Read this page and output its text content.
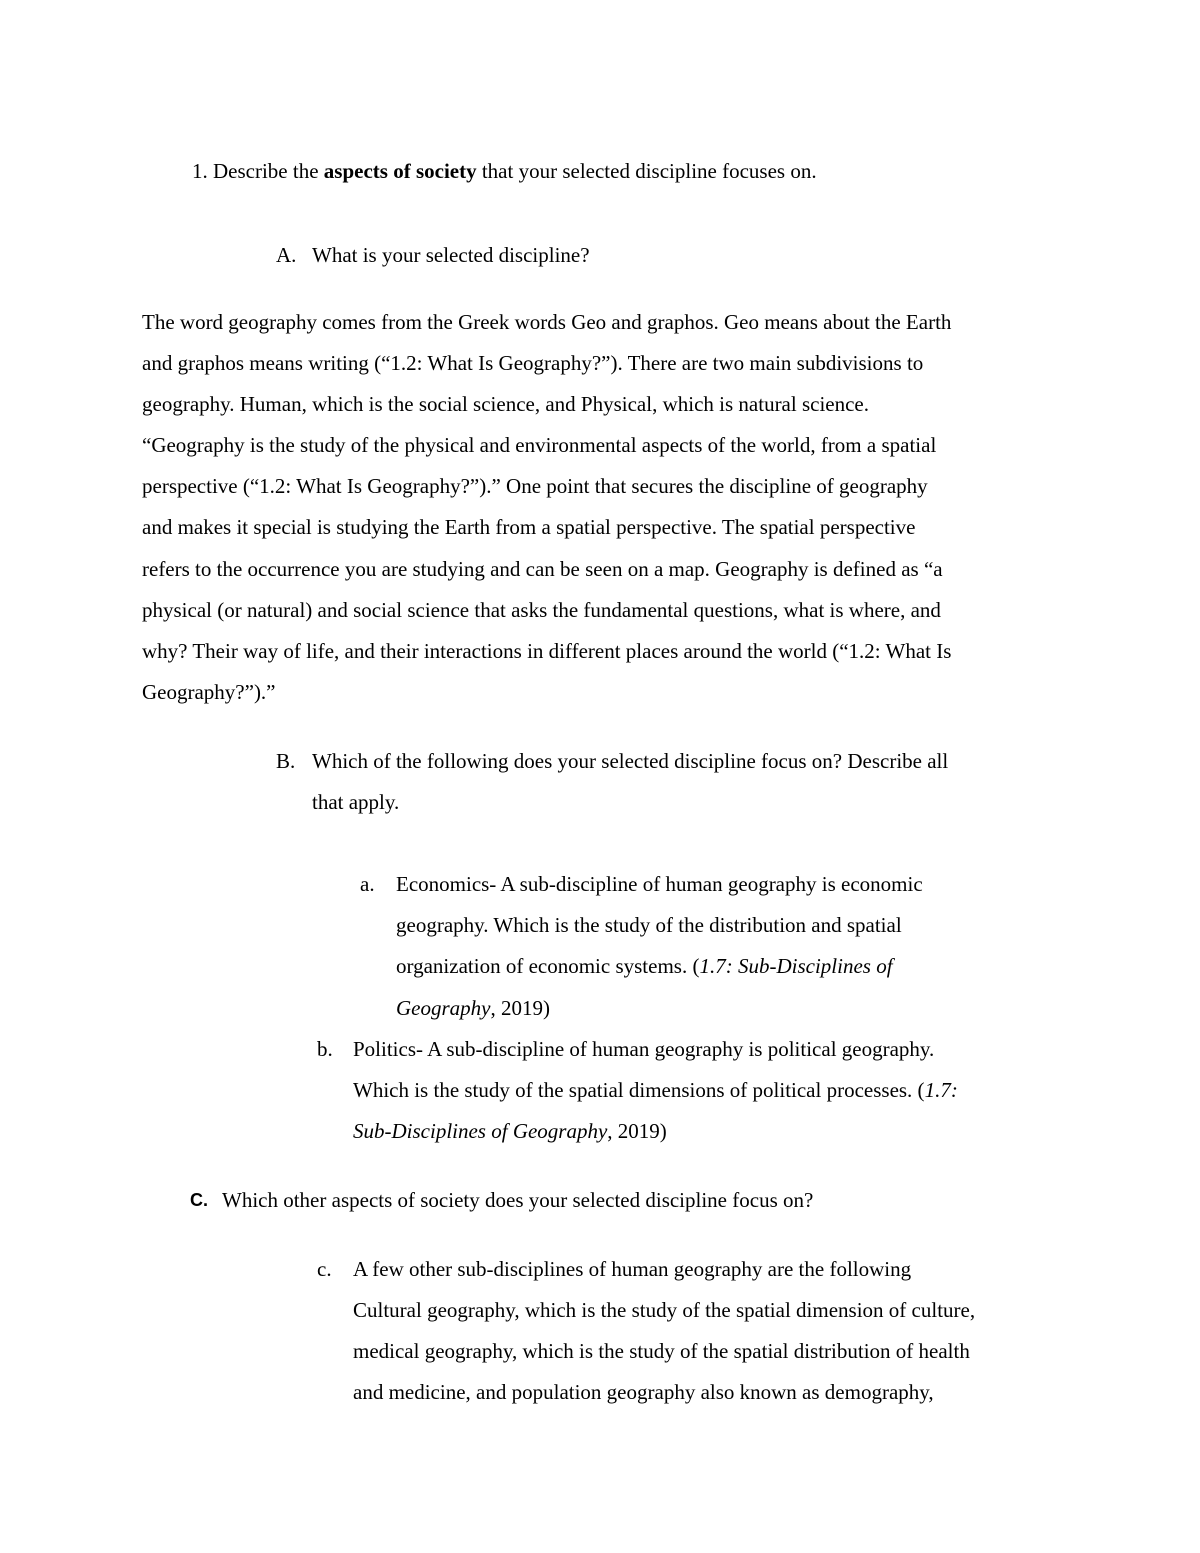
1. Describe the aspects of society that your selected discipline focuses on.
A. What is your selected discipline?
The word geography comes from the Greek words Geo and graphos. Geo means about the Earth
and graphos means writing (“1.2: What Is Geography?”). There are two main subdivisions to
geography. Human, which is the social science, and Physical, which is natural science.
“Geography is the study of the physical and environmental aspects of the world, from a spatial
perspective (“1.2: What Is Geography?”).” One point that secures the discipline of geography
and makes it special is studying the Earth from a spatial perspective. The spatial perspective
refers to the occurrence you are studying and can be seen on a map. Geography is defined as “a
physical (or natural) and social science that asks the fundamental questions, what is where, and
why? Their way of life, and their interactions in different places around the world (“1.2: What Is
Geography?”).”
B. Which of the following does your selected discipline focus on? Describe all
that apply.
a. Economics- A sub-discipline of human geography is economic
geography. Which is the study of the distribution and spatial
organization of economic systems. (1.7: Sub-Disciplines of
Geography, 2019)
b. Politics- A sub-discipline of human geography is political geography.
Which is the study of the spatial dimensions of political processes. (1.7:
Sub-Disciplines of Geography, 2019)
C. Which other aspects of society does your selected discipline focus on?
c. A few other sub-disciplines of human geography are the following
Cultural geography, which is the study of the spatial dimension of culture,
medical geography, which is the study of the spatial distribution of health
and medicine, and population geography also known as demography,
